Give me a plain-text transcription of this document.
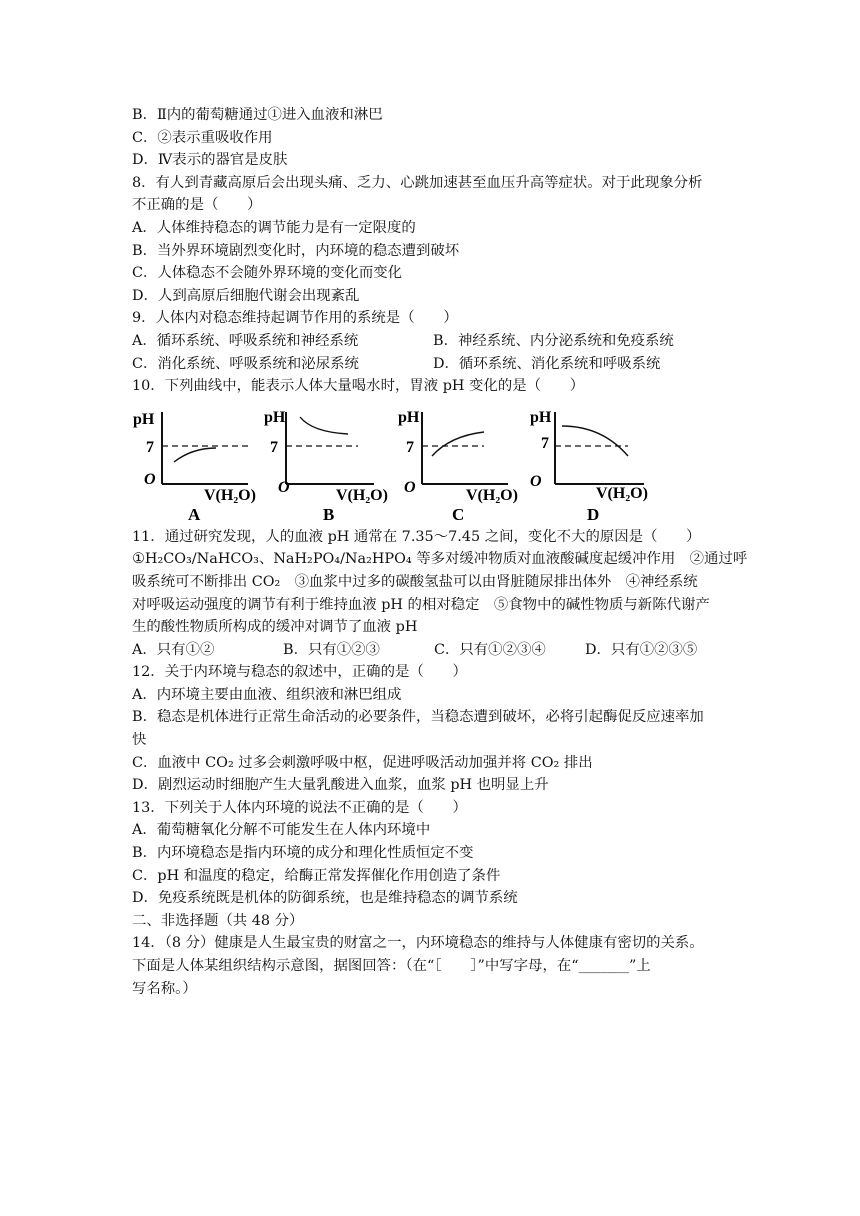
B．Ⅱ内的葡萄糖通过①进入血液和淋巴
C．②表示重吸收作用
D．Ⅳ表示的器官是皮肤
8．有人到青藏高原后会出现头痛、乏力、心跳加速甚至血压升高等症状。对于此现象分析
不正确的是（　　）
A．人体维持稳态的调节能力是有一定限度的
B．当外界环境剧烈变化时，内环境的稳态遭到破坏
C．人体稳态不会随外界环境的变化而变化
D．人到高原后细胞代谢会出现紊乱
9．人体内对稳态维持起调节作用的系统是（　　）
A．循环系统、呼吸系统和神经系统	B．神经系统、内分泌系统和免疫系统
C．消化系统、呼吸系统和泌尿系统	D．循环系统、消化系统和呼吸系统
10．下列曲线中，能表示人体大量喝水时，胃液 pH 变化的是（　　）
pH
7
O
V(H₂O)
A
pH
7
O	V(H₂O)
B
pH
7
O	V(H₂O)
C
pH
7
O
V(H₂O)
D
11．通过研究发现，人的血液 pH 通常在 7.35～7.45 之间，变化不大的原因是（　　）
①H₂CO₃/NaHCO₃、NaH₂PO₄/Na₂HPO₄ 等多对缓冲物质对血液酸碱度起缓冲作用　②通过呼
吸系统可不断排出 CO₂　③血浆中过多的碳酸氢盐可以由肾脏随尿排出体外　④神经系统
对呼吸运动强度的调节有利于维持血液 pH 的相对稳定　⑤食物中的碱性物质与新陈代谢产
生的酸性物质所构成的缓冲对调节了血液 pH
A．只有①②	B．只有①②③	C．只有①②③④	D．只有①②③⑤
12．关于内环境与稳态的叙述中，正确的是（　　）
A．内环境主要由血液、组织液和淋巴组成
B．稳态是机体进行正常生命活动的必要条件，当稳态遭到破坏，必将引起酶促反应速率加
快
C．血液中 CO₂ 过多会刺激呼吸中枢，促进呼吸活动加强并将 CO₂ 排出
D．剧烈运动时细胞产生大量乳酸进入血浆，血浆 pH 也明显上升
13．下列关于人体内环境的说法不正确的是（　　）
A．葡萄糖氧化分解不可能发生在人体内环境中
B．内环境稳态是指内环境的成分和理化性质恒定不变
C．pH 和温度的稳定，给酶正常发挥催化作用创造了条件
D．免疫系统既是机体的防御系统，也是维持稳态的调节系统
二、非选择题（共 48 分）
14．（8 分）健康是人生最宝贵的财富之一，内环境稳态的维持与人体健康有密切的关系。
下面是人体某组织结构示意图，据图回答：（在“［　　］”中写字母，在“_______”上
写名称。）
